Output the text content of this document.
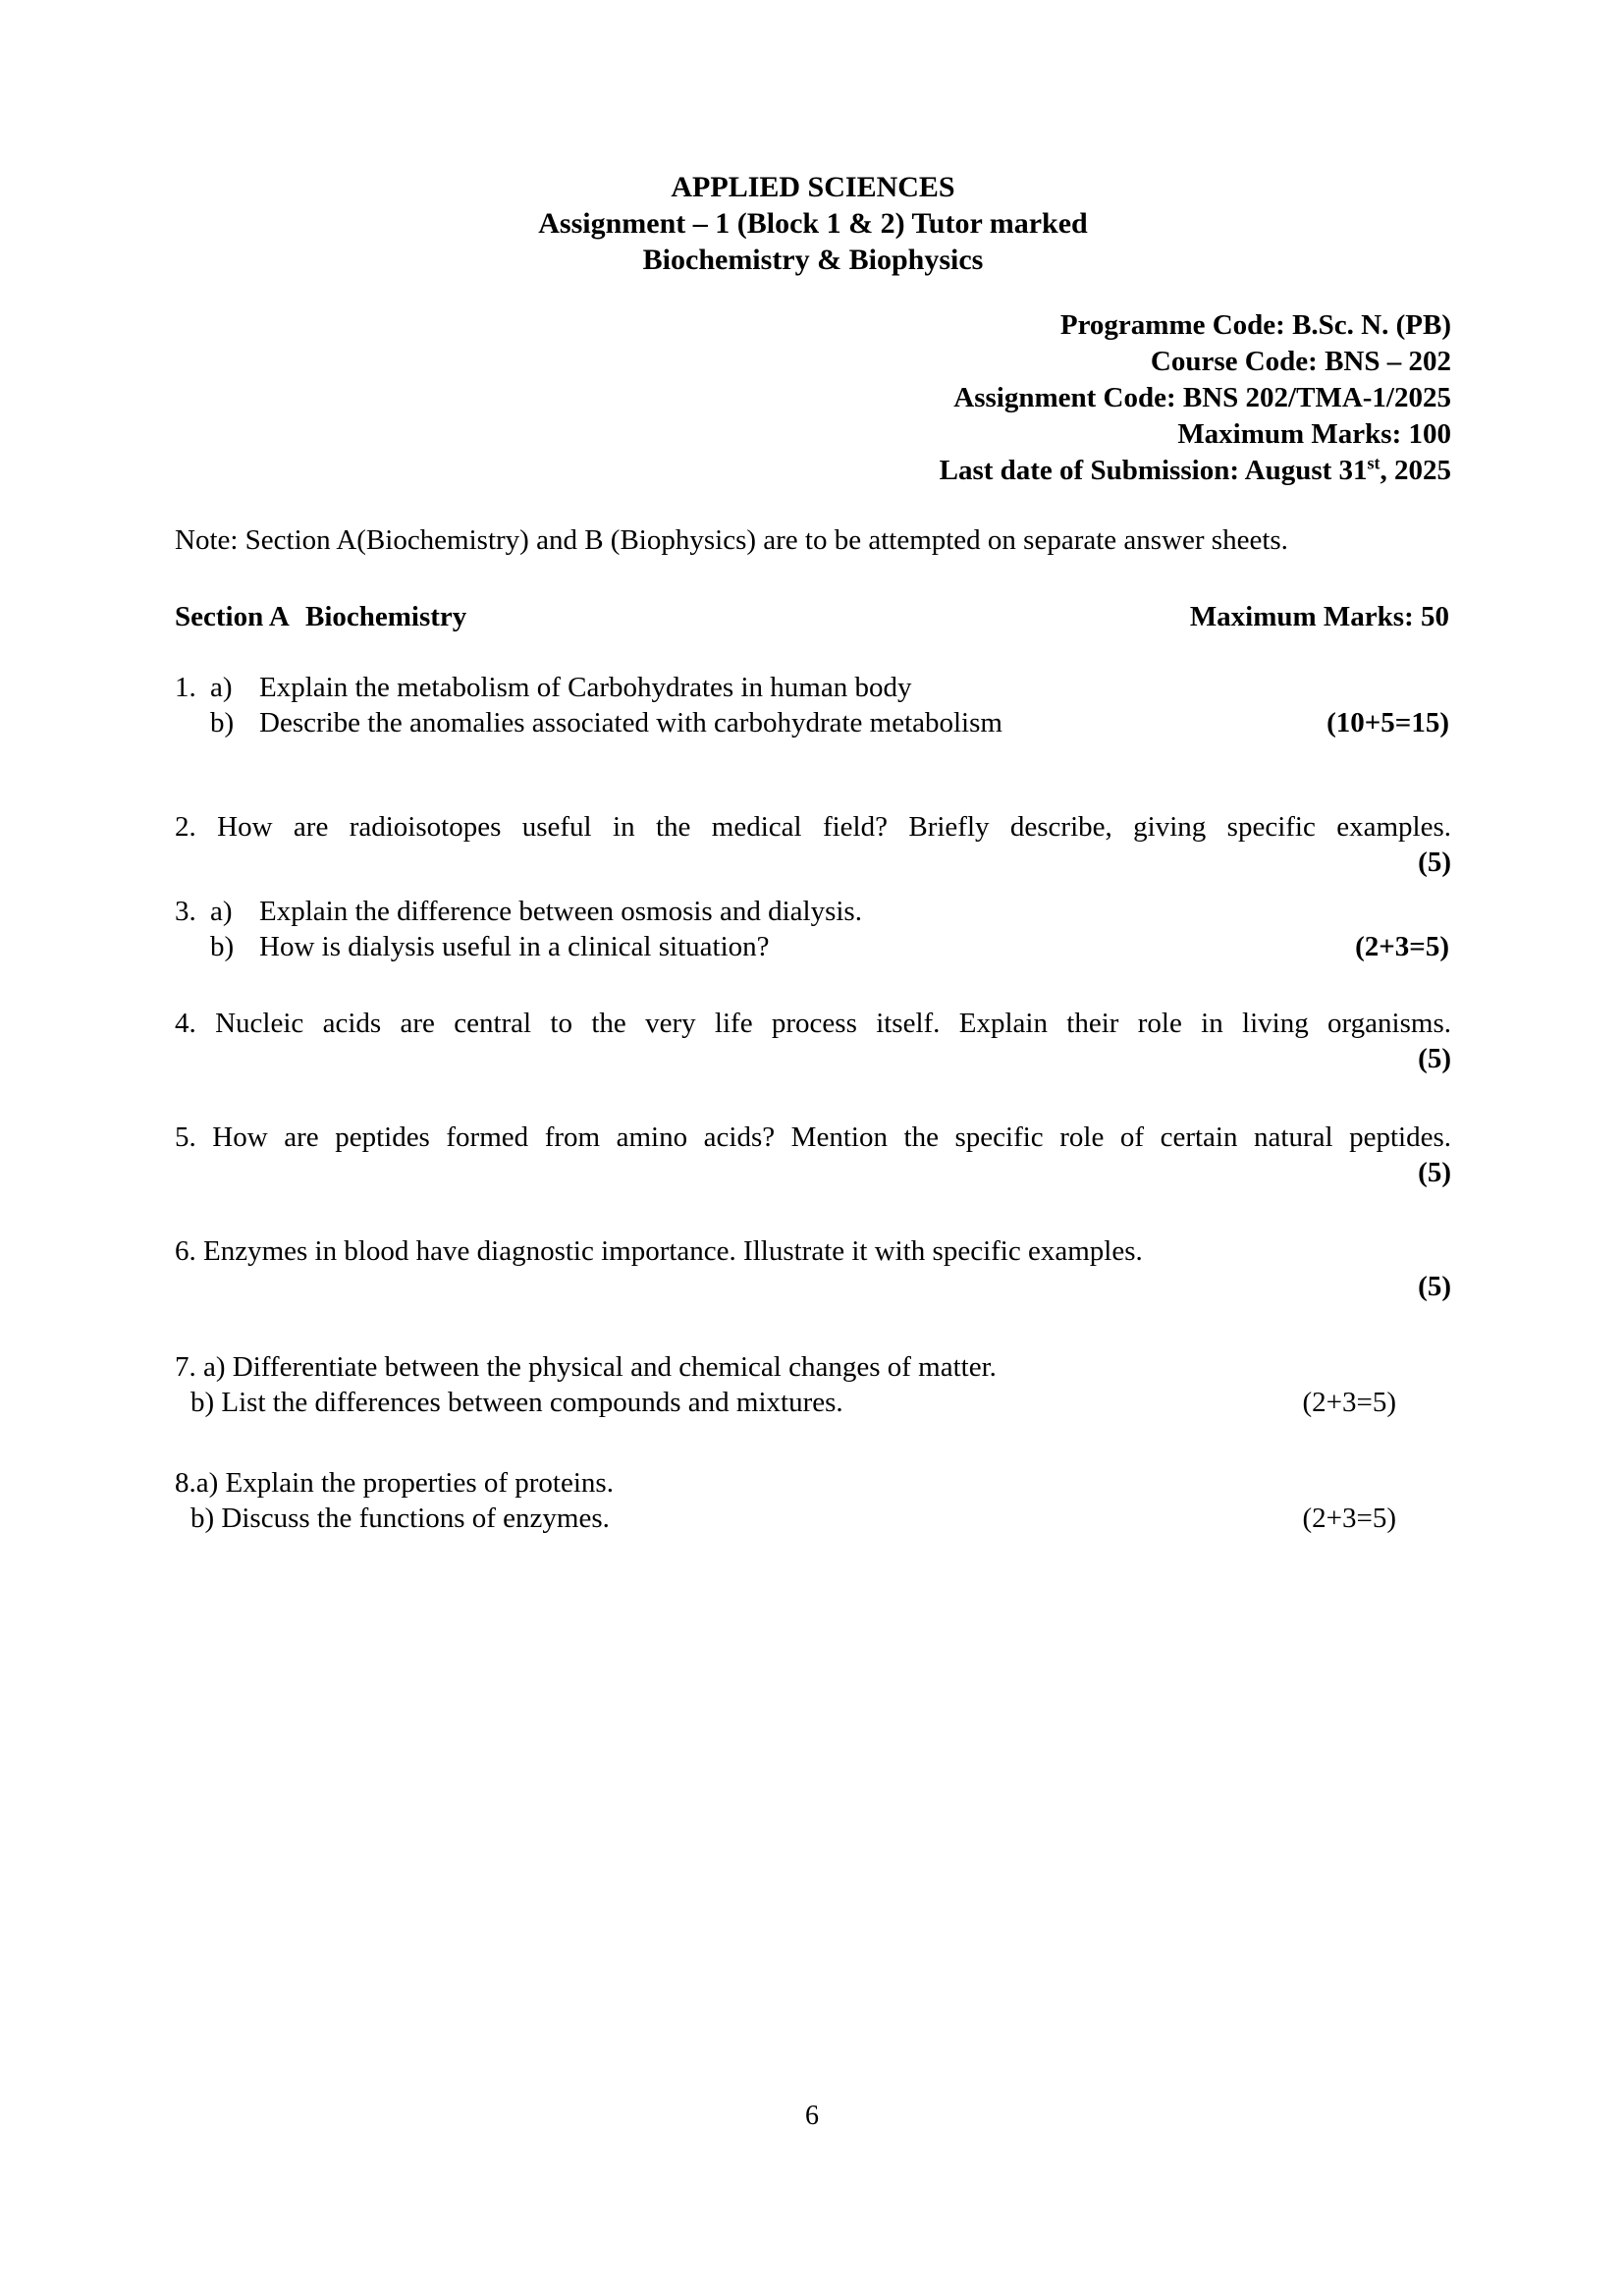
APPLIED SCIENCES
Assignment – 1 (Block 1 & 2) Tutor marked
Biochemistry & Biophysics
Programme Code: B.Sc. N. (PB)
Course Code: BNS – 202
Assignment Code: BNS 202/TMA-1/2025
Maximum Marks: 100
Last date of Submission: August 31st, 2025
Note: Section A(Biochemistry) and B (Biophysics) are to be attempted on separate answer sheets.
Section A Biochemistry	Maximum Marks: 50
1. a) Explain the metabolism of Carbohydrates in human body
b) Describe the anomalies associated with carbohydrate metabolism	(10+5=15)
2. How are radioisotopes useful in the medical field? Briefly describe, giving specific examples.
(5)
3. a) Explain the difference between osmosis and dialysis.
b) How is dialysis useful in a clinical situation?	(2+3=5)
4. Nucleic acids are central to the very life process itself. Explain their role in living organisms.
(5)
5. How are peptides formed from amino acids? Mention the specific role of certain natural peptides.
(5)
6. Enzymes in blood have diagnostic importance. Illustrate it with specific examples.
(5)
7. a) Differentiate between the physical and chemical changes of matter.
b) List the differences between compounds and mixtures.	(2+3=5)
8.a) Explain the properties of proteins.
b) Discuss the functions of enzymes.	(2+3=5)
6
